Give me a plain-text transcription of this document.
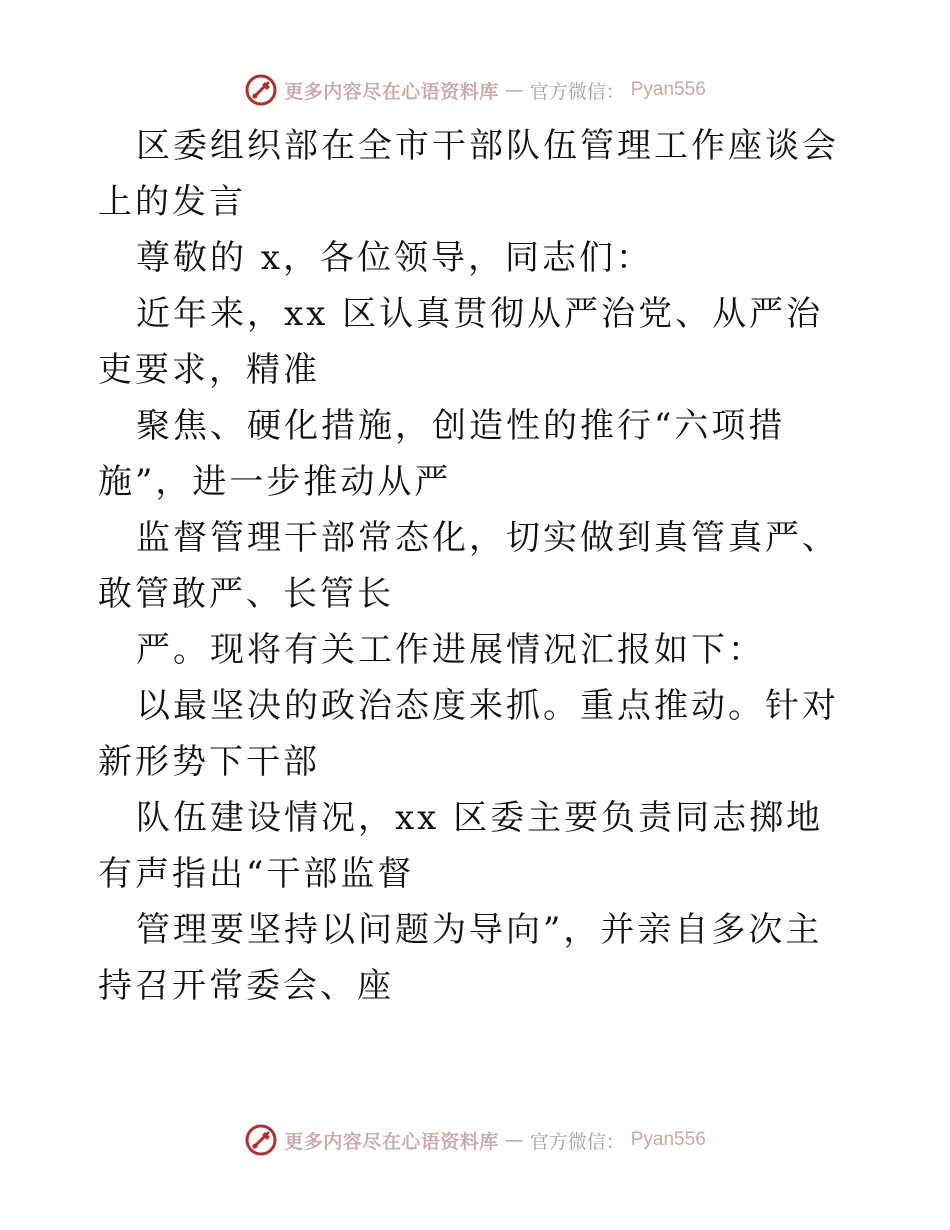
更多内容尽在心语资料库 — 官方微信： Pyan556

区委组织部在全市干部队伍管理工作座谈会上的发言

尊敬的 x，各位领导，同志们：

近年来，xx 区认真贯彻从严治党、从严治吏要求，精准

聚焦、硬化措施，创造性的推行“六项措施”，进一步推动从严

监督管理干部常态化，切实做到真管真严、敢管敢严、长管长

严。现将有关工作进展情况汇报如下：

以最坚决的政治态度来抓。重点推动。针对新形势下干部

队伍建设情况，xx 区委主要负责同志掷地有声指出“干部监督

管理要坚持以问题为导向”，并亲自多次主持召开常委会、座

更多内容尽在心语资料库 — 官方微信： Pyan556
